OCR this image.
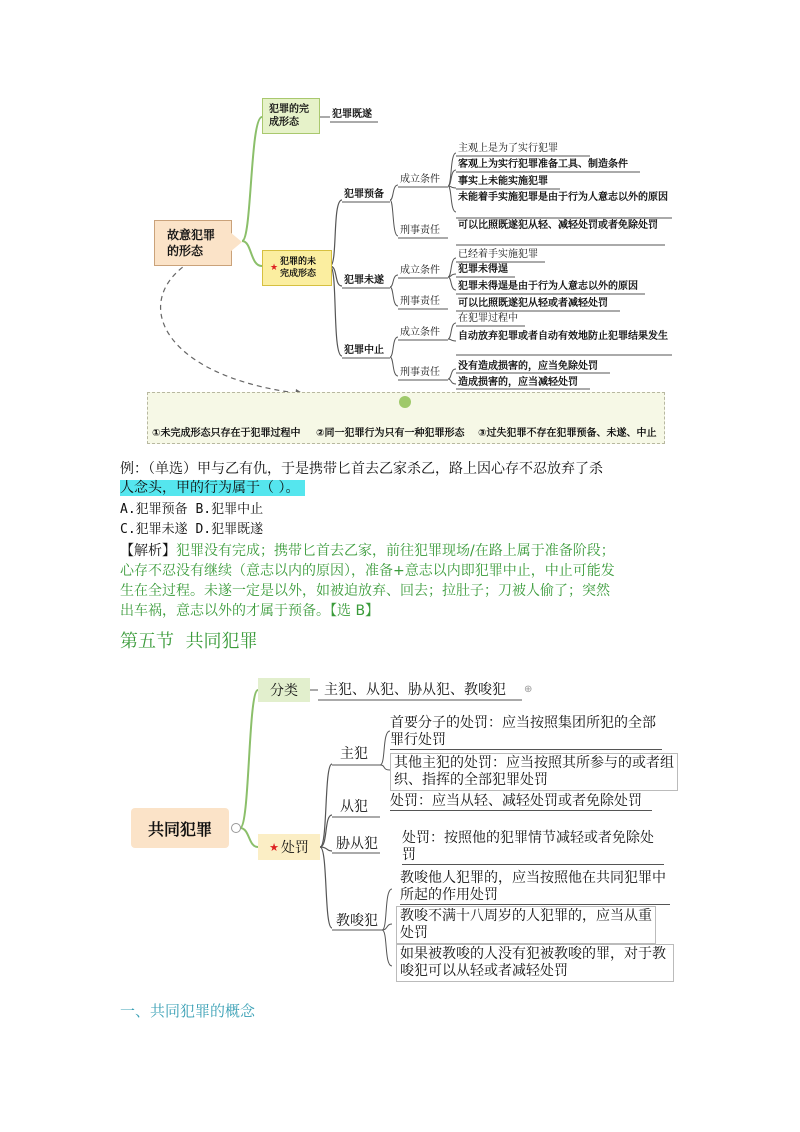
故意犯罪的形态
犯罪的完成形态
犯罪既遂
★
犯罪的未完成形态
犯罪预备
成立条件
主观上是为了实行犯罪
客观上为实行犯罪准备工具、制造条件
事实上未能实施犯罪
未能着手实施犯罪是由于行为人意志以外的原因
刑事责任 可以比照既遂犯从轻、减轻处罚或者免除处罚
犯罪未遂
成立条件
已经着手实施犯罪
犯罪未得逞
犯罪未得逞是由于行为人意志以外的原因
刑事责任 可以比照既遂犯从轻或者减轻处罚
犯罪中止
成立条件
在犯罪过程中
自动放弃犯罪或者自动有效地防止犯罪结果发生
刑事责任
没有造成损害的，应当免除处罚
造成损害的，应当减轻处罚
①未完成形态只存在于犯罪过程中 ②同一犯罪行为只有一种犯罪形态 ③过失犯罪不存在犯罪预备、未遂、中止
例：（单选）甲与乙有仇，于是携带匕首去乙家杀乙，路上因心存不忍放弃了杀
人念头，甲的行为属于（ ）。
A.犯罪预备 B.犯罪中止
C.犯罪未遂 D.犯罪既遂
【解析】犯罪没有完成；携带匕首去乙家，前往犯罪现场/在路上属于准备阶段；
心存不忍没有继续（意志以内的原因），准备+意志以内即犯罪中止，中止可能发
生在全过程。未遂一定是以外，如被迫放弃、回去；拉肚子；刀被人偷了；突然
出车祸，意志以外的才属于预备。【选 B】
第五节  共同犯罪
共同犯罪
分类 主犯、从犯、胁从犯、教唆犯 ⊕
★ 处罚
主犯
首要分子的处罚：应当按照集团所犯的全部罪行处罚
其他主犯的处罚：应当按照其所参与的或者组织、指挥的全部犯罪处罚
从犯 处罚：应当从轻、减轻处罚或者免除处罚
胁从犯 处罚：按照他的犯罪情节减轻或者免除处罚
教唆犯
教唆他人犯罪的，应当按照他在共同犯罪中所起的作用处罚
教唆不满十八周岁的人犯罪的，应当从重处罚
如果被教唆的人没有犯被教唆的罪，对于教唆犯可以从轻或者减轻处罚
一、共同犯罪的概念
